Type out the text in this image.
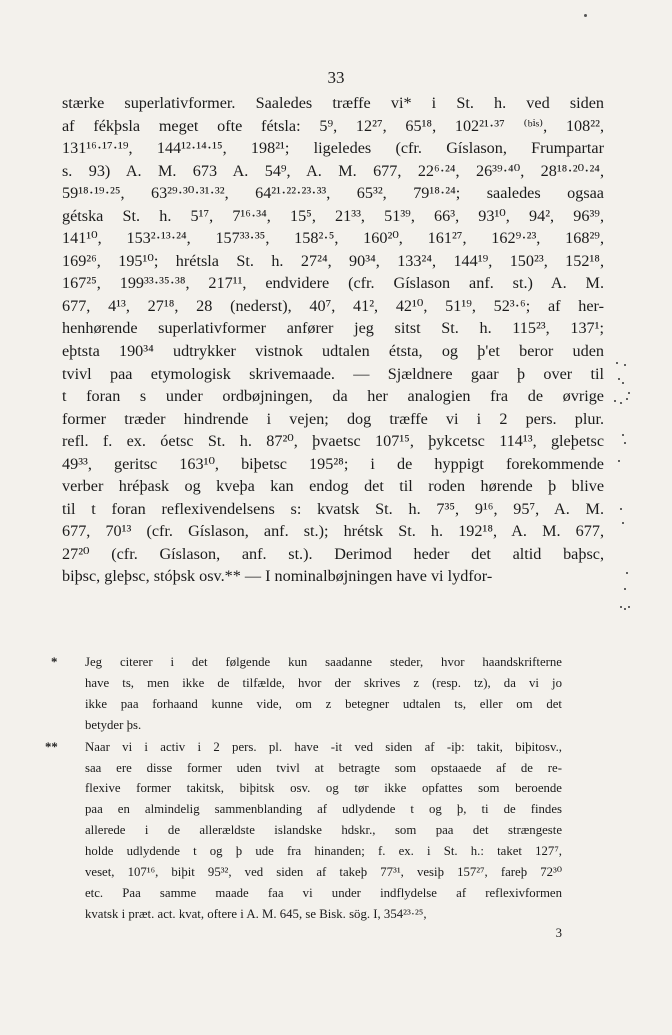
33
stærke superlativformer. Saaledes træffe vi* i St. h. ved siden
af fékþsla meget ofte fétsla: 5⁹, 12²⁷, 65¹⁸, 102²¹·³⁷ ⁽ᵇⁱˢ⁾, 108²²,
131¹⁶·¹⁷·¹⁹, 144¹²·¹⁴·¹⁵, 198²¹; ligeledes (cfr. Gíslason, Frumpartar
s. 93) A. M. 673 A. 54⁹, A. M. 677, 22⁶·²⁴, 26³⁹·⁴⁰, 28¹⁸·²⁰·²⁴,
59¹⁸·¹⁹·²⁵, 63²⁹·³⁰·³¹·³², 64²¹·²²·²³·³³, 65³², 79¹⁸·²⁴; saaledes ogsaa
gétska St. h. 5¹⁷, 7¹⁶·³⁴, 15⁵, 21³³, 51³⁹, 66³, 93¹⁰, 94², 96³⁹,
141¹⁰, 153²·¹³·²⁴, 157³³·³⁵, 158²·⁵, 160²⁰, 161²⁷, 162⁹·²³, 168²⁹,
169²⁶, 195¹⁰; hrétsla St. h. 27²⁴, 90³⁴, 133²⁴, 144¹⁹, 150²³, 152¹⁸,
167²⁵, 199³³·³⁵·³⁸, 217¹¹, endvidere (cfr. Gíslason anf. st.) A. M.
677, 4¹³, 27¹⁸, 28 (nederst), 40⁷, 41², 42¹⁰, 51¹⁹, 52³·⁶; af her-
henhørende superlativformer anfører jeg sitst St. h. 115²³, 137¹;
eþtsta 190³⁴ udtrykker vistnok udtalen étsta, og þ'et beror uden
tvivl paa etymologisk skrivemaade. — Sjældnere gaar þ over til
t foran s under ordbøjningen, da her analogien fra de øvrige
former træder hindrende i vejen; dog træffe vi i 2 pers. plur.
refl. f. ex. óetsc St. h. 87²⁰, þvaetsc 107¹⁵, þykcetsc 114¹³, gleþetsc
49³³, geritsc 163¹⁰, biþetsc 195²⁸; i de hyppigt forekommende
verber hréþask og kveþa kan endog det til roden hørende þ blive
til t foran reflexivendelsens s: kvatsk St. h. 7³⁵, 9¹⁶, 95⁷, A. M.
677, 70¹³ (cfr. Gíslason, anf. st.); hrétsk St. h. 192¹⁸, A. M. 677,
27²⁰ (cfr. Gíslason, anf. st.). Derimod heder det altid baþsc,
biþsc, gleþsc, stóþsk osv.** — I nominalbøjningen have vi lydfor-
* Jeg citerer i det følgende kun saadanne steder, hvor haandskrifterne
have ts, men ikke de tilfælde, hvor der skrives z (resp. tz), da vi jo
ikke paa forhaand kunne vide, om z betegner udtalen ts, eller om det
betyder þs.
** Naar vi i activ i 2 pers. pl. have -it ved siden af -iþ: takit, biþitosv.,
saa ere disse former uden tvivl at betragte som opstaaede af de re-
flexive former takitsk, biþitsk osv. og tør ikke opfattes som beroende
paa en almindelig sammenblanding af udlydende t og þ, ti de findes
allerede i de allerældste islandske hdskr., som paa det strængeste
holde udlydende t og þ ude fra hinanden; f. ex. i St. h.: taket 127⁷,
veset, 107¹⁶, biþit 95³², ved siden af takeþ 77³¹, vesiþ 157²⁷, fareþ 72³⁰
etc. Paa samme maade faa vi under indflydelse af reflexivformen
kvatsk i præt. act. kvat, oftere i A. M. 645, se Bisk. sög. I, 354²³·²⁵,
3
